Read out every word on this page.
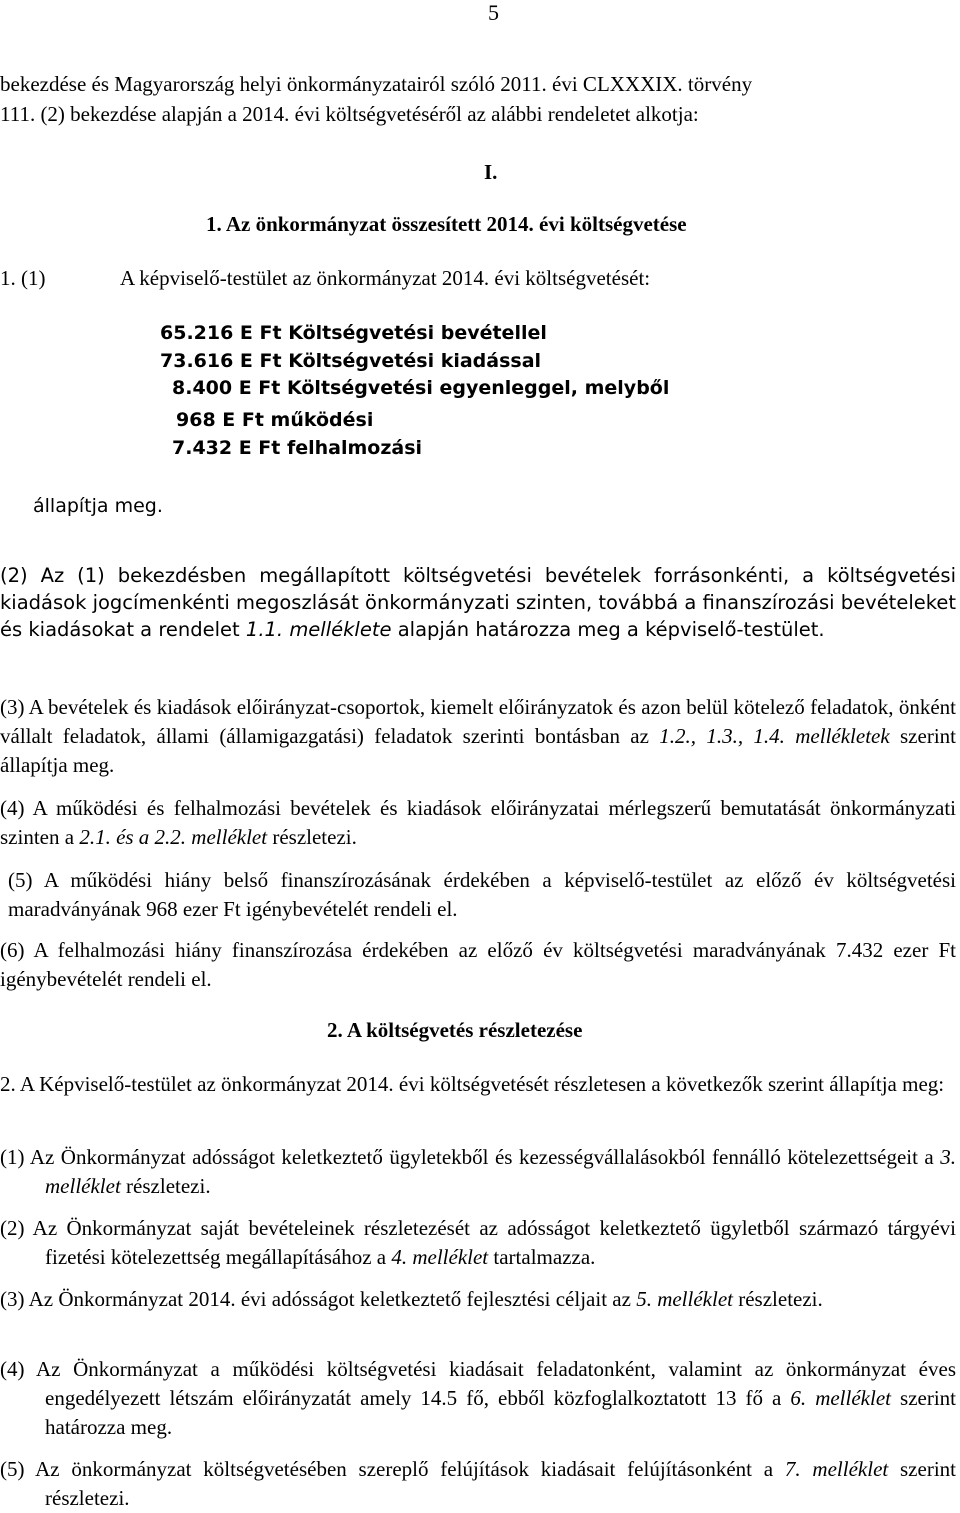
5
bekezdése és Magyarország helyi önkormányzatairól szóló 2011. évi CLXXXIX. törvény
111. (2) bekezdése alapján a 2014. évi költségvetéséről az alábbi rendeletet alkotja:
I.
1. Az önkormányzat összesített 2014. évi költségvetése
1. (1)	A képviselő-testület az önkormányzat 2014. évi költségvetését:
65.216 E Ft Költségvetési bevétellel
73.616 E Ft Költségvetési kiadással
8.400 E Ft Költségvetési egyenleggel, melyből
968 E Ft működési
7.432 E Ft felhalmozási
állapítja meg.
(2) Az (1) bekezdésben megállapított költségvetési bevételek forrásonkénti, a költségvetési kiadások jogcímenkénti megoszlását önkormányzati szinten, továbbá a finanszírozási bevételeket és kiadásokat a rendelet 1.1. melléklete alapján határozza meg a képviselő-testület.
(3) A bevételek és kiadások előirányzat-csoportok, kiemelt előirányzatok és azon belül kötelező feladatok, önként vállalt feladatok, állami (államigazgatási) feladatok szerinti bontásban az 1.2., 1.3., 1.4. mellékletek szerint állapítja meg.
(4) A működési és felhalmozási bevételek és kiadások előirányzatai mérlegszerű bemutatását önkormányzati szinten a 2.1. és a 2.2. melléklet részletezi.
(5) A működési hiány belső finanszírozásának érdekében a képviselő-testület az előző év költségvetési maradványának 968 ezer Ft igénybevételét rendeli el.
(6) A felhalmozási hiány finanszírozása érdekében az előző év költségvetési maradványának 7.432 ezer Ft igénybevételét rendeli el.
2. A költségvetés részletezése
2. A Képviselő-testület az önkormányzat 2014. évi költségvetését részletesen a következők szerint állapítja meg:
(1) Az Önkormányzat adósságot keletkeztető ügyletekből és kezességvállalásokból fennálló kötelezettségeit a 3. melléklet részletezi.
(2) Az Önkormányzat saját bevételeinek részletezését az adósságot keletkeztető ügyletből származó tárgyévi fizetési kötelezettség megállapításához a 4. melléklet tartalmazza.
(3) Az Önkormányzat 2014. évi adósságot keletkeztető fejlesztési céljait az 5. melléklet részletezi.
(4) Az Önkormányzat a működési költségvetési kiadásait feladatonként, valamint az önkormányzat éves engedélyezett létszám előirányzatát amely 14.5 fő, ebből közfoglalkoztatott 13 fő a 6. melléklet szerint határozza meg.
(5) Az önkormányzat költségvetésében szereplő felújítások kiadásait felújításonként a 7. melléklet szerint részletezi.
